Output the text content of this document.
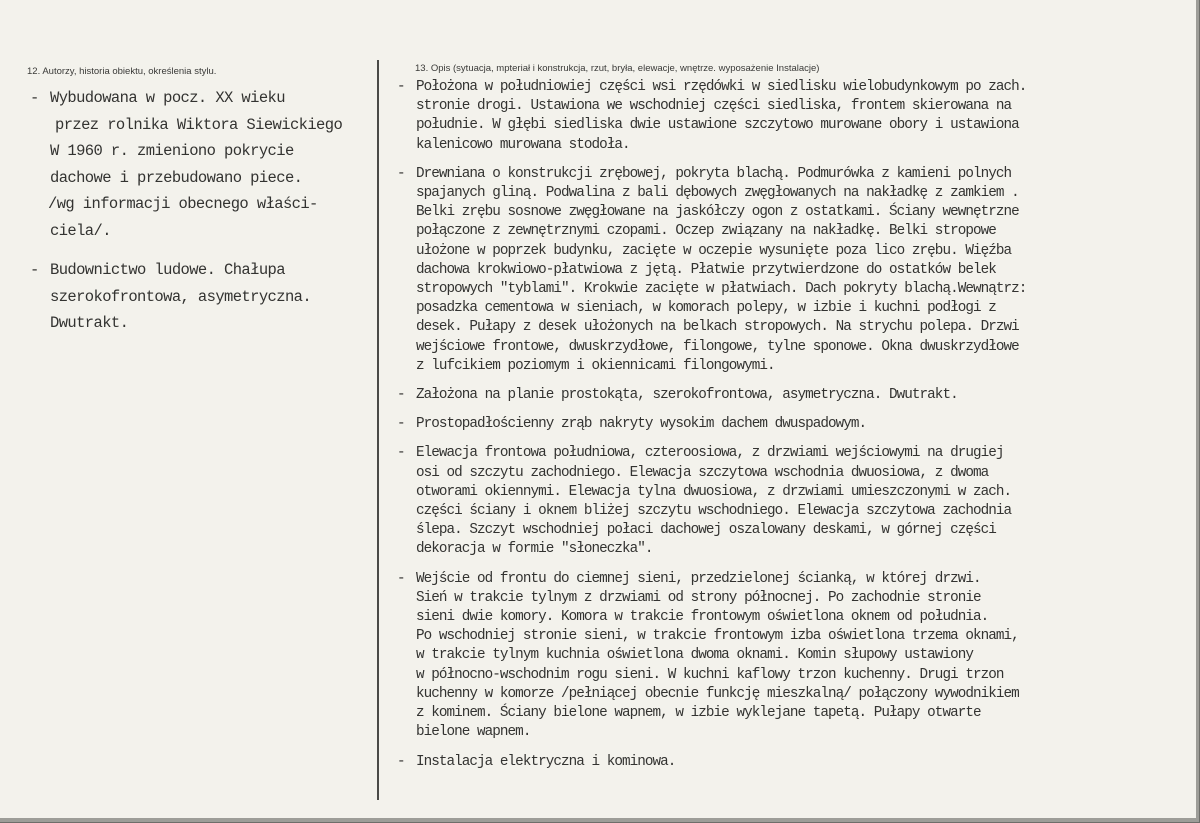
12. Autorzy, historia obiektu, określenia stylu.	13. Opis (sytuacja, mpteriał i konstrukcja, rzut, bryła, elewacje, wnętrze. wyposażenie Instalacje)
- Wybudowana w pocz. XX wieku
przez rolnika Wiktora Siewickiego
W 1960 r. zmieniono pokrycie
dachowe i przebudowano piece.
/wg informacji obecnego właści-
ciela/.
- Budownictwo ludowe. Chałupa
szerokofrontowa, asymetryczna.
Dwutrakt.
- Położona w południowiej części wsi rzędówki w siedlisku wielobudynkowym po zach.
stronie drogi. Ustawiona we wschodniej części siedliska, frontem skierowana na
południe. W głębi siedliska dwie ustawione szczytowo murowane obory i ustawiona
kalenicowo murowana stodoła.
- Drewniana o konstrukcji zrębowej, pokryta blachą. Podmurówka z kamieni polnych
spajanych gliną. Podwalina z bali dębowych zwęgłowanych na nakładkę z zamkiem .
Belki zrębu sosnowe zwęgłowane na jaskółczy ogon z ostatkami. Ściany wewnętrzne
połączone z zewnętrznymi czopami. Oczep związany na nakładkę. Belki stropowe
ułożone w poprzek budynku, zacięte w oczepie wysunięte poza lico zrębu. Więźba
dachowa krokwiowo-płatwiowa z jętą. Płatwie przytwierdzone do ostatków belek
stropowych "tyblami". Krokwie zacięte w płatwiach. Dach pokryty blachą.Wewnątrz:
posadzka cementowa w sieniach, w komorach polepy, w izbie i kuchni podłogi z
desek. Pułapy z desek ułożonych na belkach stropowych. Na strychu polepa. Drzwi
wejściowe frontowe, dwuskrzydłowe, filongowe, tylne sponowe. Okna dwuskrzydłowe
z lufcikiem poziomym i okiennicami filongowymi.
- Założona na planie prostokąta, szerokofrontowa, asymetryczna. Dwutrakt.
- Prostopadłościenny zrąb nakryty wysokim dachem dwuspadowym.
- Elewacja frontowa południowa, czteroosiowa, z drzwiami wejściowymi na drugiej
osi od szczytu zachodniego. Elewacja szczytowa wschodnia dwuosiowa, z dwoma
otworami okiennymi. Elewacja tylna dwuosiowa, z drzwiami umieszczonymi w zach.
części ściany i oknem bliżej szczytu wschodniego. Elewacja szczytowa zachodnia
ślepa. Szczyt wschodniej połaci dachowej oszalowany deskami, w górnej części
dekoracja w formie "słoneczka".
- Wejście od frontu do ciemnej sieni, przedzielonej ścianką, w której drzwi.
Sień w trakcie tylnym z drzwiami od strony północnej. Po zachodnie stronie
sieni dwie komory. Komora w trakcie frontowym oświetlona oknem od południa.
Po wschodniej stronie sieni, w trakcie frontowym izba oświetlona trzema oknami,
w trakcie tylnym kuchnia oświetlona dwoma oknami. Komin słupowy ustawiony
w północno-wschodnim rogu sieni. W kuchni kaflowy trzon kuchenny. Drugi trzon
kuchenny w komorze /pełniącej obecnie funkcję mieszkalną/ połączony wywodnikiem
z kominem. Ściany bielone wapnem, w izbie wyklejane tapetą. Pułapy otwarte
bielone wapnem.
- Instalacja elektryczna i kominowa.
